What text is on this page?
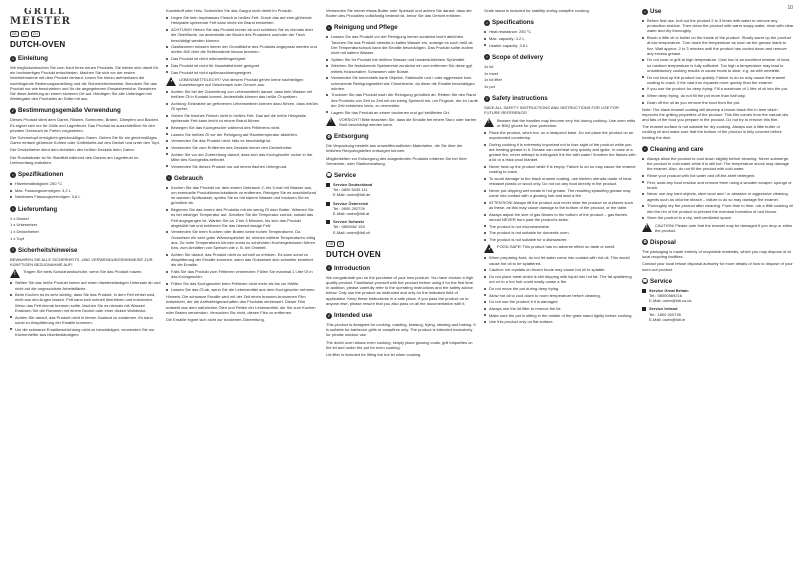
10
GRILL
MEISTER
DE	AT	CH
DUTCH-OVEN
i Einleitung

Wir beglückwünschen Sie zum Kauf Ihres neuen Produkts. Sie haben sich damit für ein hochwertiges Produkt entschieden. Machen Sie sich vor der ersten Inbetriebnahme mit dem Produkt vertraut. Lesen Sie hierzu aufmerksam die nachfolgende Bedienungsanleitung und die Sicherheitshinweise. Benutzen Sie das Produkt nur wie beschrieben und für die angegebenen Einsatzbereiche. Bewahren Sie diese Anleitung an einem sicheren Ort auf. Händigen Sie alle Unterlagen bei Weitergabe des Produktes an Dritte mit aus.

✓ Bestimmungsgemäße Verwendung

Dieses Produkt dient dem Garen, Rösten, Schmoren, Braten, Dämpfen und Backen. Es eignet sich nur für Grills und Lagerfeuer. Das Produkt ist ausschließlich für den privaten Gebrauch im Freien vorgesehen.

Der Schmortopf ermöglicht gleichmäßiges Garen. Geben Sie für ein gleichmäßiges Garen einfach glühende Kohlen oder Grillbriketts auf den Deckel und unter den Topf.

Der Deckelheber dient dem Anheben des heißen Deckels beim Garen.

Der Rundständer ist für Stabilität während des Garens am Lagerfeuer im Lieferumfang enthalten.

• Spezifikationen
Hitzebeständigkeit: 250 °C
Max. Fassungsvermögen: 4,2 L
Nutzbares Fassungsvermögen: 3,6 L
• Lieferumfang
1 x Deckel
1 x Untersetzer
1 x Deckelheber
1 x Topf
! Sicherheitshinweise

BEWAHREN SIE ALLE SICHERHEITS- UND VERWENDUNGSHINWEISE ZUR KÜNFTIGEN BEZUGNAHME AUF!

! Tragen Sie stets Schutzhandschuhe, wenn Sie das Produkt nutzen.

Stellen Sie das heiße Produkt immer auf einen hitzebeständigen Untersatz ab und nicht auf die ungeschützte Arbeitsfläche.
Beim Kochen ist es sehr wichtig, dass Sie das Produkt, in dem Fett erhitzt wird, nicht aus den Augen lassen. Fett kann sich schnell überhitzen und entzünden. Wenn das Fett einmal brennen sollte, löschen Sie es niemals mit Wasser! Ersticken Sie die Flammen mit einem Deckel oder einer dicken Wolldecke.
Achten Sie darauf, das Produkt nicht in leeren Zustand zu erwärmen. Es kann sonst zu Absplitterung der Emaille kommen.
Um die schwarze Emailbeschichtung nicht zu beschädigen, verwenden Sie nur Küchenhelfer aus hitzebeständigem

Kunststoff oder Holz. Schneiden Sie das Gargut nicht direkt im Produkt.

Legen Sie kein tropfnasses Fleisch in heißes Fett. Durch das auf eine glühende Heizplatte spritzende Fett kann leicht ein Brand entstehen.
ACHTUNG! Heben Sie das Produkt immer ab und schieben Sie es niemals über die Oberfläche, da andernfalls der Boden des Produktes und/oder der Tisch beschädigt werden können.
Gasflammen müssen immer der Grundfläche des Produkts angepasst werden und dürfen NIE über die Seitenwände hinaus brennen.
Das Produkt ist nicht mikrowellengeeignet.
Das Produkt ist nicht für Haushaltsherde geeignet.
Das Produkt ist nicht spülmaschinengeeignet.
✓ LEBENSMITTELECHT! Von diesem Produkt gehen keine nachteiligen Auswirkungen auf Geschmack oder Geruch aus.

Achten Sie bei der Zubereitung von Lebensmitteln darauf, dass kein Wasser mit heißem Öl in Kontakt kommt. Andernfalls können das heiße Öl spritzen.
Achtung: Einkratzte an gefrorenen Lebensmitteln können dazu führen, dass heißes Öl spritzt.
Geben Sie frisches Fleisch nicht in heißes Fett. Das auf die heiße Heizplatte spritzende Fett kann leicht zu einem Brand führen.
Bewegen Sie das Kochgeschirr während des Frittierens nicht.
Lassen Sie heißes Öl vor der Reinigung auf Raumtemperatur abkühlen.
Verwenden Sie das Produkt nicht, falls es beschädigt ist.
Verwenden Sie zum Entfernen des Deckels immer den Deckelheber.
Achten Sie vor der Zubereitung darauf, dass sich das Kochgeschirr sicher in der Mitte des Kochgeräts befindet.
Verwenden Sie dieses Produkt nur auf einem flachen Untergrund.
• Gebrauch
Kochen Sie das Produkt vor dem ersten Gebrauch 2- bis 3-mal mit Wasser aus, um eventuelle Produktionsrückstände zu entfernen. Reinigen Sie es anschließend im warmen Spülwasser, spülen Sie es mit klarem Wasser und trocknen Sie es gründlich ab.
Beginnen Sie das Innere des Produkts mit ein wenig Öl oder Butter. Wärmen Sie es bei niedriger Temperatur auf. Schalten Sie die Temperatur zurück, sobald das Fett angegangen ist. Warten Sie ca. 2 bis 3 Minuten, bis sich das Produkt abgekühlt hat und entfernen Sie das überschüssige Fett.
Verwenden Sie beim Kochen oder Braten keine hohen Temperaturen. Da Gusseisen ein sehr guter Wärmespeicher ist, reichen mittlere Temperaturen völlig aus. Zu hohe Temperaturen können sonst zu schlechten Kochergebnissen führen bzw. zum Anhaften von Speisen wie z. B. bei Omelett.
Achten Sie darauf, das Produkt nicht zu schnell zu erhitzen. Es kann sonst zu Absplitterung der Emaille kommen, wenn das Gusseisen sich schneller erweitert als die Emaille.
Falls Sie das Produkt zum Frittieren verwenden: Füllen Sie maximal 1 Liter Öl in das Kochgeschirr.
Füllen Sie das Kochgeschirr beim Frittieren nicht mehr als bis zur Hälfte.
Lassen Sie das Öl ab, wenn Sie die Lebensmittel aus dem Kochgeschirr nehmen.

Hinweis: Die schwarze Emaille wird mit der Zeit einen braunen-bronzenen Film entwickeln, der die Antihafteigenschaften des Produkts verbessert. Dieser Film entsteht aus dem natürlichen Ölen und Fetten der Lebensmittel, die Sie zum Kochen oder Braten verwenden. Versuchen Sie nicht, diesen Film zu entfernen.

Die Emaille eignet sich nicht zur trockenen Zubereitung.

Verwenden Sie immer etwas Butter oder Speiseöl und achten Sie darauf, dass der Boden des Produktes vollständig bedeckt ist, bevor Sie das Gericht erhitzen.

• Reinigung und Pflege
Lassen Sie das Produkt vor der Reinigung immer zunächst leicht abkühlen. Tauchen Sie das Produkt niemals in kaltes Wasser ein, solange es noch heiß ist. Der Temperaturschock kann die Emaille beschädigen. Das Produkt sollte zudem nicht mit kaltem Wasser.
Spülen Sie Ihr Produkt mit heißem Wasser und handelsüblichem Spülmittel.
Weichen Sie festsitzende Speisereste zunächst ein und entfernen Sie diese ggf. mittels Holzschaber, Schwamm oder Bürste.
Verwenden Sie keinesfalls harte Objekte, Stahlwolle und / oder aggressive bzw. scheuernde Reinigungsmittel wie Chlorbleiche, da diese die Emaille beschädigen würden.
Trocknen Sie das Produkt nach der Reinigung gründlich ab. Reiben Sie den Rand des Produkts von Zeit zu Zeit mit ein wenig Speiseöl ein, um Flugrost, der im Laufe der Zeit entstehen kann, zu vermeiden.
Lagern Sie das Produkt an einem trockenen und gut belüfteten Ort.
! VORSICHT! Bitte beachten Sie, dass die Emaille bei einem Sturz oder harten Stoß beschädigt werden kann.

♻ Entsorgung

Die Verpackung besteht aus umweltfreundlichen Materialien, die Sie über die örtlichen Recyclingstellen entsorgen können.

Möglichkeiten zur Entsorgung des ausgedienten Produkts erfahren Sie bei Ihrer Gemeinde- oder Stadtverwaltung.

☎ Service

Service Deutschland

Tel.: 0800 5435 111

E-Mail: owim@lidl.de

Service Österreich

Tel.: 0800 292726

E-Mail: owim@lidl.at

Service Schweiz

Tel.: 0800562 153

E-Mail: owim@lidl.ch

GB	IE
DUTCH OVEN
i Introduction

We congratulate you on the purchase of your new product. You have chosen a high quality product. Familiarise yourself with the product before using it for the first time. In addition, please carefully refer to the operating instructions and the safety advice below. Only use the product as instructed and only for the indicated field of application. Keep these instructions in a safe place. If you pass the product on to anyone else, please ensure that you also pass on all the documentation with it.

✓ Intended use

This product is designed for cooking, roasting, braising, frying, stewing and baking. It is suitable for barbecue grills or campfires only. The product is intended exclusively for private outdoor use.

The dutch oven allows even cooking, simply place glowing coals, grill briquettes on the lid and under the pot for even cooking.

Lid lifter is included for lifting the hot lid when cooking.

Grate stand is included for stability during campfire cooking.

• Specifications
Heat resistance: 250 °C
Max. capacity: 4.2 L
Usable capacity: 3.6 L
• Scope of delivery
1x lid
1x trivet
1x lid lifter
1x pot
! Safety instructions

SAVE ALL SAFETY INSTRUCTIONS AND INSTRUCTIONS FOR USE FOR FUTURE REFERENCE!

! Beware that the handles may become very hot during cooking. Use oven mitts or BBQ gloves for your protection.

Place the product, when hot, on a heatproof base. Do not place the product on an unprotected countertop.
During cooking it is extremely important not to lose sight of the product while you are heating grease in it. Grease can overheat very quickly and ignite. In case of a grease fire, never attempt to extinguish the fire with water! Smother the flames with a lid or a thick wool blanket.
Never heat up the product while it is empty. Failure to do so may cause the enamel coating to crack.
To avoid damage to the black enamel coating, use kitchen utensils made of heat-resistant plastic or wood only. Do not cut any food directly in the product.
Never put dripping wet meats in hot grease. The resulting splashing grease may come into contact with a glowing hob and start a fire.
ATTENTION! Always lift the product and never slide the product on surfaces such as these, as this may cause damage to the bottom of the product, or the table.
Always adjust the size of gas flames to the bottom of the product – gas flames should NEVER burn past the product's sides.
The product is not microwaveable.
The product is not suitable for domestic oven.
The product is not suitable for a dishwasher.
✓ FOOD-SAFE! This product has no adverse effect on taste or smell.

When preparing food, do not let water come into contact with hot oil. This would cause hot oil to be splattered.
Caution: Ice crystals on frozen foods may cause hot oil to splatter.
Do not place meat which is still dripping with liquid into hot fat. The fat splattering out on to a hot hob could easily cause a fire.
Do not move the pot during deep frying.
Allow hot oil to cool down to room temperature before cleaning.
Do not use the product if it is damaged.
Always use the lid lifter to remove the lid.
Make sure the pot is sitting in the middle of the grate stand tightly before cooking.
Use this product only on flat surface.
• Use
Before first use, boil out the product 2 to 3 times with water to remove any production residue. Then clean the product with warm soapy water, rinse with clear water and dry thoroughly.
Brush a little oil or butter on the inside of the product. Slowly warm up the product at low temperature. Turn down the temperature as soon as the grease starts to fizz. Wait approx. 2 to 3 minutes until the product has cooled down and remove any excess grease.
Do not cook or grill at high temperature. Cast iron is an excellent retainer of heat, so medium temperature is fully sufficient. Too high a temperature may lead to unsatisfactory cooking results or cause foods to stick, e.g. as with omelette.
Do not heat up the product too quickly. Failure to do so may cause the enamel coating to crack, if the cast iron expands more quickly than the enamel.
If you use the product for deep frying: Fill a maximum of 1 litre of oil into the pot.
When deep frying, do not fill the pot more than half way.
Drain off the oil as you remove the food from the pot.

Note: The black enamel coating will develop a brown-black film in time which improves the grilling properties of the product. This film comes from the natural oils and fats of the food you prepare in the product. Do not try to remove this film.

The enamel surface is not suitable for dry cooking. Always use a little butter or cooking oil and make sure that the bottom of the product is fully covered before heating the dish.

• Cleaning and care
Always allow the product to cool down slightly before cleaning. Never submerge the product in cold water while it is still hot. The temperature shock may damage the enamel. Also, do not fill the product with cold water.
Rinse your product with hot water and off-the-shelf detergent.
First, soak any food residue and remove them using a wooden scraper, sponge or brush.
Never use any hard objects, steel wool and / or abrasive or aggressive cleaning agents such as chlorine bleach – failure to do so may damage the enamel.
Thoroughly dry the product after cleaning. From time to time, rub a little cooking oil into the rim of the product to prevent the eventual formation of rust bloom.
Store the product in a dry, well-ventilated space.
! CAUTION! Please note that the enamel may be damaged if you drop or strike the product.

♻ Disposal

The packaging is made entirely of recyclable materials, which you may dispose of at local recycling facilities.

Contact your local refuse disposal authority for more details of how to dispose of your worn-out product.

☎ Service

Service Great Britain

Tel.: 08000569216

E-Mail: owim@lidl.co.uk

Service Ireland

Tel.: 1800 200736

E-Mail: owim@lidl.ie
